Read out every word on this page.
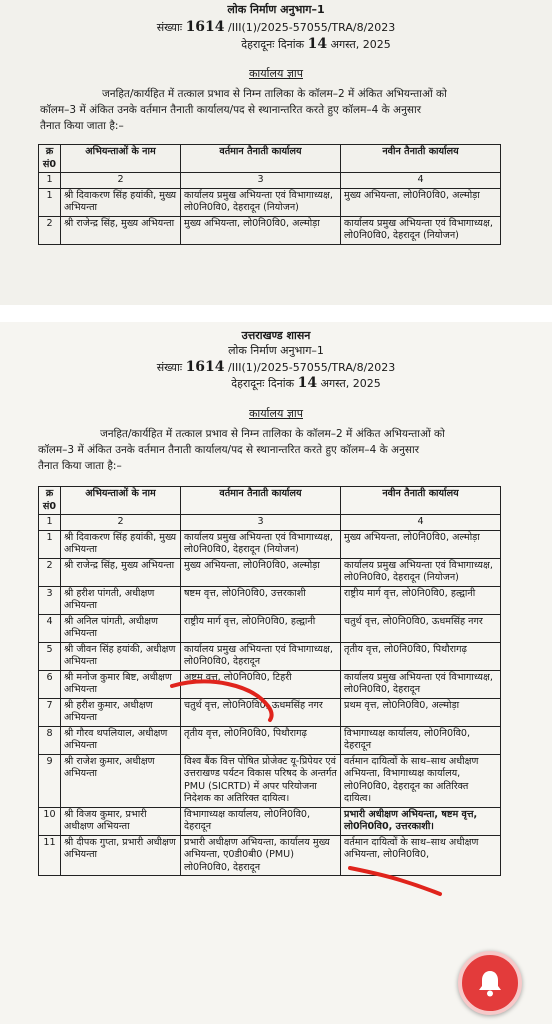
लोक निर्माण अनुभाग–1
संख्याः 1614 /III(1)/2025-57055/TRA/8/2023
देहरादूनः दिनांक 14 अगस्त, 2025
कार्यालय ज्ञाप
जनहित/कार्यहित में तत्काल प्रभाव से निम्न तालिका के कॉलम–2 में अंकित अभियन्ताओं को
कॉलम–3 में अंकित उनके वर्तमान तैनाती कार्यालय/पद से स्थानान्तरित करते हुए कॉलम–4 के अनुसार
तैनात किया जाता है:–
क्र सं0	अभियन्ताओं के नाम	वर्तमान तैनाती कार्यालय	नवीन तैनाती कार्यालय
1	2	3	4
1	श्री दिवाकरण सिंह हयांकी, मुख्य अभियन्ता	कार्यालय प्रमुख अभियन्ता एवं विभागाध्यक्ष, लो0नि0वि0, देहरादून (नियोजन)	मुख्य अभियन्ता, लो0नि0वि0, अल्मोड़ा
2	श्री राजेन्द्र सिंह, मुख्य अभियन्ता	मुख्य अभियन्ता, लो0नि0वि0, अल्मोड़ा	कार्यालय प्रमुख अभियन्ता एवं विभागाध्यक्ष, लो0नि0वि0, देहरादून (नियोजन)
उत्तराखण्ड शासन
लोक निर्माण अनुभाग–1
संख्याः 1614 /III(1)/2025-57055/TRA/8/2023
देहरादूनः दिनांक 14 अगस्त, 2025
कार्यालय ज्ञाप
जनहित/कार्यहित में तत्काल प्रभाव से निम्न तालिका के कॉलम–2 में अंकित अभियन्ताओं को
कॉलम–3 में अंकित उनके वर्तमान तैनाती कार्यालय/पद से स्थानान्तरित करते हुए कॉलम–4 के अनुसार
तैनात किया जाता है:–
क्र सं0	अभियन्ताओं के नाम	वर्तमान तैनाती कार्यालय	नवीन तैनाती कार्यालय
1	2	3	4
1	श्री दिवाकरण सिंह हयांकी, मुख्य अभियन्ता	कार्यालय प्रमुख अभियन्ता एवं विभागाध्यक्ष, लो0नि0वि0, देहरादून (नियोजन)	मुख्य अभियन्ता, लो0नि0वि0, अल्मोड़ा
2	श्री राजेन्द्र सिंह, मुख्य अभियन्ता	मुख्य अभियन्ता, लो0नि0वि0, अल्मोड़ा	कार्यालय प्रमुख अभियन्ता एवं विभागाध्यक्ष, लो0नि0वि0, देहरादून (नियोजन)
3	श्री हरीश पांगती, अधीक्षण अभियन्ता	षष्टम वृत्त, लो0नि0वि0, उत्तरकाशी	राष्ट्रीय मार्ग वृत्त, लो0नि0वि0, हल्द्वानी
4	श्री अनिल पांगती, अधीक्षण अभियन्ता	राष्ट्रीय मार्ग वृत्त, लो0नि0वि0, हल्द्वानी	चतुर्थ वृत्त, लो0नि0वि0, ऊधमसिंह नगर
5	श्री जीवन सिंह हयांकी, अधीक्षण अभियन्ता	कार्यालय प्रमुख अभियन्ता एवं विभागाध्यक्ष, लो0नि0वि0, देहरादून	तृतीय वृत्त, लो0नि0वि0, पिथौरागढ़
6	श्री मनोज कुमार बिष्ट, अधीक्षण अभियन्ता	अष्टम वृत्त, लो0नि0वि0, टिहरी	कार्यालय प्रमुख अभियन्ता एवं विभागाध्यक्ष, लो0नि0वि0, देहरादून
7	श्री हरीश कुमार, अधीक्षण अभियन्ता	चतुर्थ वृत्त, लो0नि0वि0, ऊधमसिंह नगर	प्रथम वृत्त, लो0नि0वि0, अल्मोड़ा
8	श्री गौरव थपलियाल, अधीक्षण अभियन्ता	तृतीय वृत्त, लो0नि0वि0, पिथौरागढ़	विभागाध्यक्ष कार्यालय, लो0नि0वि0, देहरादून
9	श्री राजेश कुमार, अधीक्षण अभियन्ता	विश्व बैंक वित्त पोषित प्रोजेक्ट यू-प्रिपेयर एवं उत्तराखण्ड पर्यटन विकास परिषद के अन्तर्गत PMU (SICRTD) में अपर परियोजना निदेशक का अतिरिक्त दायित्व।	वर्तमान दायित्वों के साथ–साथ अधीक्षण अभियन्ता, विभागाध्यक्ष कार्यालय, लो0नि0वि0, देहरादून का अतिरिक्त दायित्व।
10	श्री विजय कुमार, प्रभारी अधीक्षण अभियन्ता	विभागाध्यक्ष कार्यालय, लो0नि0वि0, देहरादून	प्रभारी अधीक्षण अभियन्ता, षष्टम वृत्त, लो0नि0वि0, उत्तरकाशी।
11	श्री दीपक गुप्ता, प्रभारी अधीक्षण अभियन्ता	प्रभारी अधीक्षण अभियन्ता, कार्यालय मुख्य अभियन्ता, ए0डी0बी0 (PMU) लो0नि0वि0, देहरादून	वर्तमान दायित्वों के साथ–साथ अधीक्षण अभियन्ता, लो0नि0वि0,
